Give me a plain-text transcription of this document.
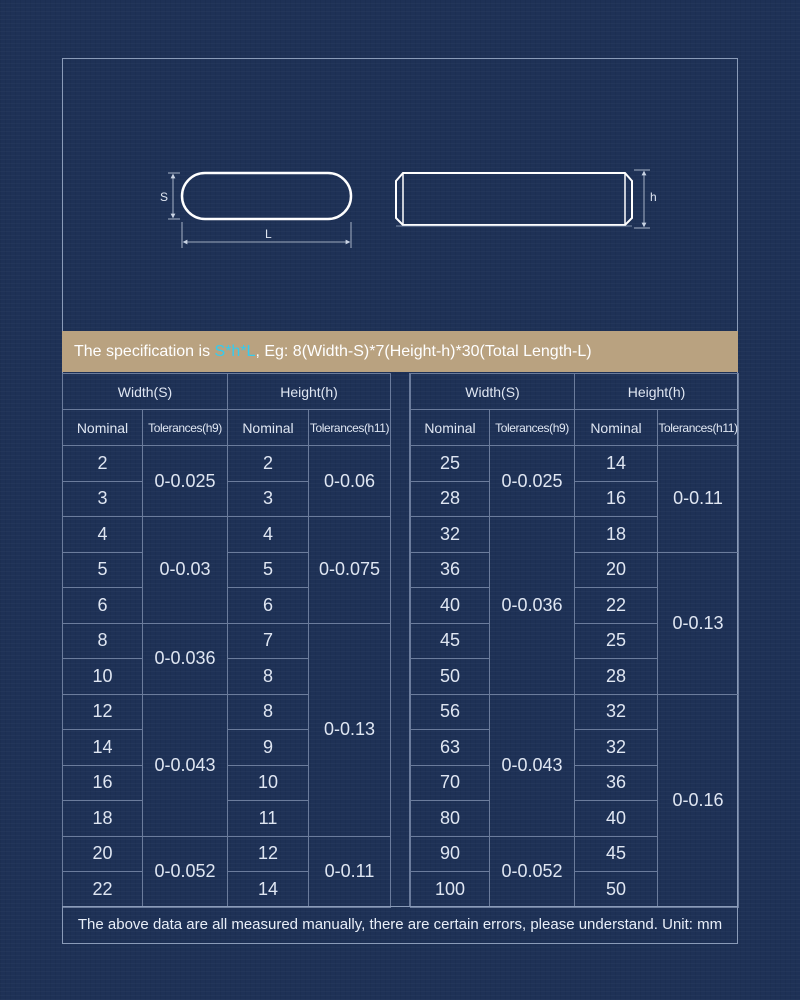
S
L
h
The specification is S*h*L, Eg: 8(Width-S)*7(Height-h)*30(Total Length-L)
Width(S)		Height(h)	
Nominal	Tolerances(h9)	Nominal	Tolerances(h11)
2	0-0.025	2	0-0.06
3		3	
4	0-0.03	4	0-0.075
5		5	
6		6	
8	0-0.036	7	0-0.13
10		8	
12	0-0.043	8	
14		9	
16		10	
18		11	
20	0-0.052	12	0-0.11
22		14	
Width(S)		Height(h)	
Nominal	Tolerances(h9)	Nominal	Tolerances(h11)
25	0-0.025	14	0-0.11
28		16	
32	0-0.036	18	
36		20	0-0.13
40		22	
45		25	
50		28	
56	0-0.043	32	0-0.16
63		32	
70		36	
80		40	
90	0-0.052	45	
100		50	
The above data are all measured manually, there are certain errors, please understand. Unit: mm
